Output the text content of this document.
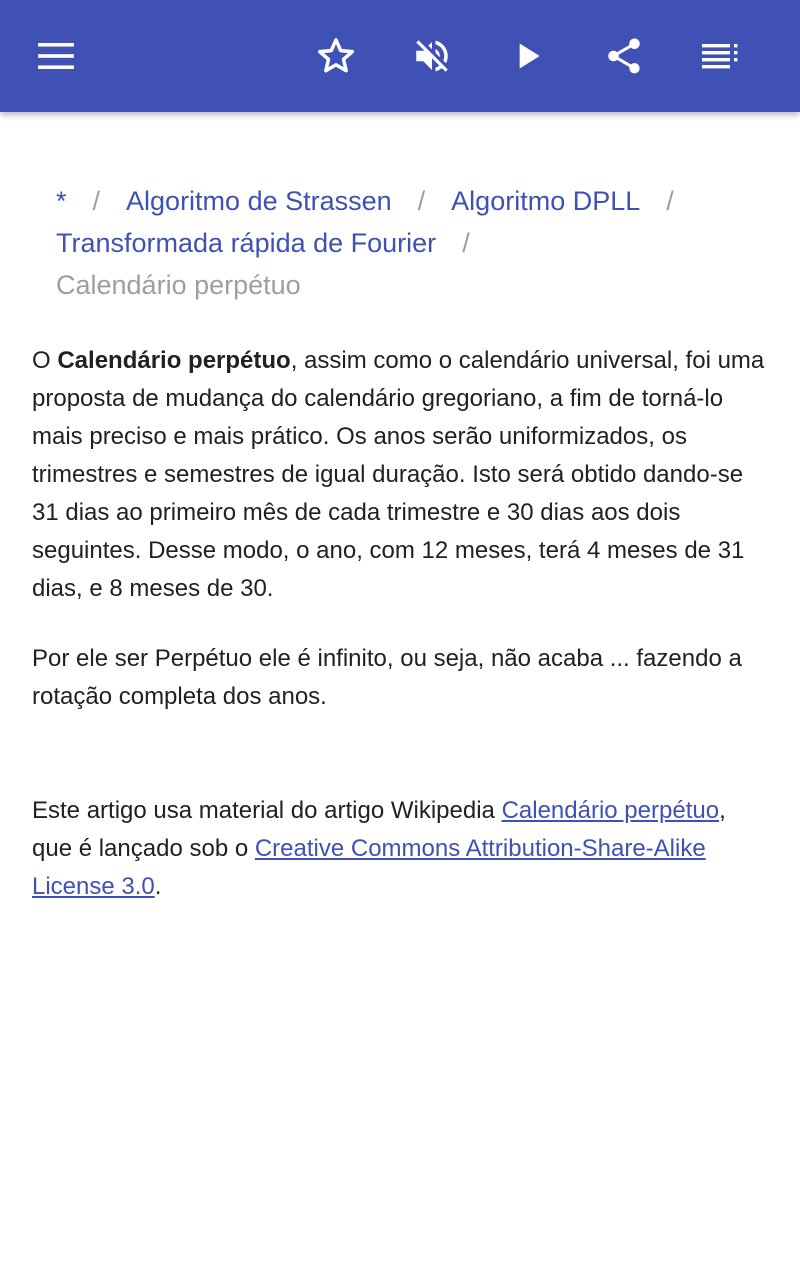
* / Algoritmo de Strassen / Algoritmo DPLL /
Transformada rápida de Fourier /
Calendário perpétuo

O Calendário perpétuo, assim como o calendário universal, foi uma proposta de mudança do calendário gregoriano, a fim de torná-lo mais preciso e mais prático. Os anos serão uniformizados, os trimestres e semestres de igual duração. Isto será obtido dando-se 31 dias ao primeiro mês de cada trimestre e 30 dias aos dois seguintes. Desse modo, o ano, com 12 meses, terá 4 meses de 31 dias, e 8 meses de 30.

Por ele ser Perpétuo ele é infinito, ou seja, não acaba ... fazendo a rotação completa dos anos.

Este artigo usa material do artigo Wikipedia Calendário perpétuo, que é lançado sob o Creative Commons Attribution-Share-Alike License 3.0.
